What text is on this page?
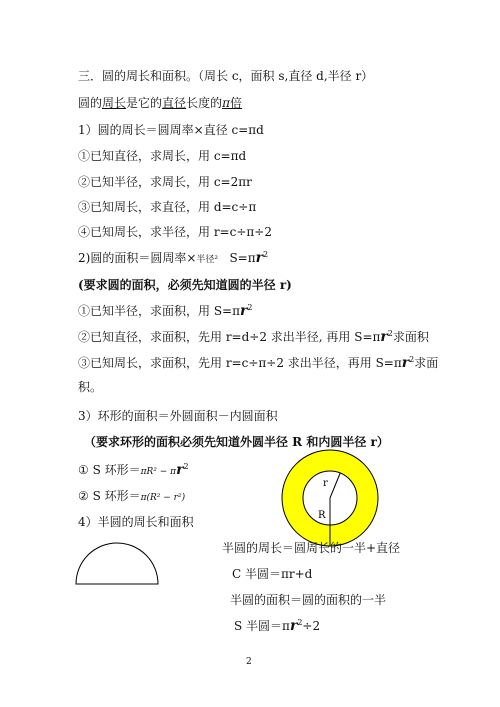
三．圆的周长和面积。（周长 c，面积 s,直径 d,半径 r）
圆的周长是它的直径长度的π倍
1）圆的周长＝圆周率×直径 c=πd
①已知直径，求周长，用 c=πd
②已知半径，求周长，用 c=2πr
③已知周长，求直径，用 d=c÷π
④已知周长，求半径，用 r=c÷π÷2
2)圆的面积＝圆周率×半径² $S=\pi r^2$
(要求圆的面积，必须先知道圆的半径 r)
①已知半径，求面积，用 $S=\pi r^2$
②已知直径，求面积，先用 r=d÷2 求出半径, 再用 $S=\pi r^2$求面积
③已知周长，求面积，先用 r=c÷π÷2 求出半径，再用 $S=\pi r^2$求面
积。
3）环形的面积＝外圆面积－内圆面积
（要求环形的面积必须先知道外圆半径 R 和内圆半径 r）
① S 环形$=\pi R^2 - \pi r^2$
② S 环形＝π(R² − r²)
4）半圆的周长和面积
r
R
半圆的周长＝圆周长的一半+直径
C 半圆＝πr+d
半圆的面积＝圆的面积的一半
S 半圆$=\pi r^2\div 2$
2
